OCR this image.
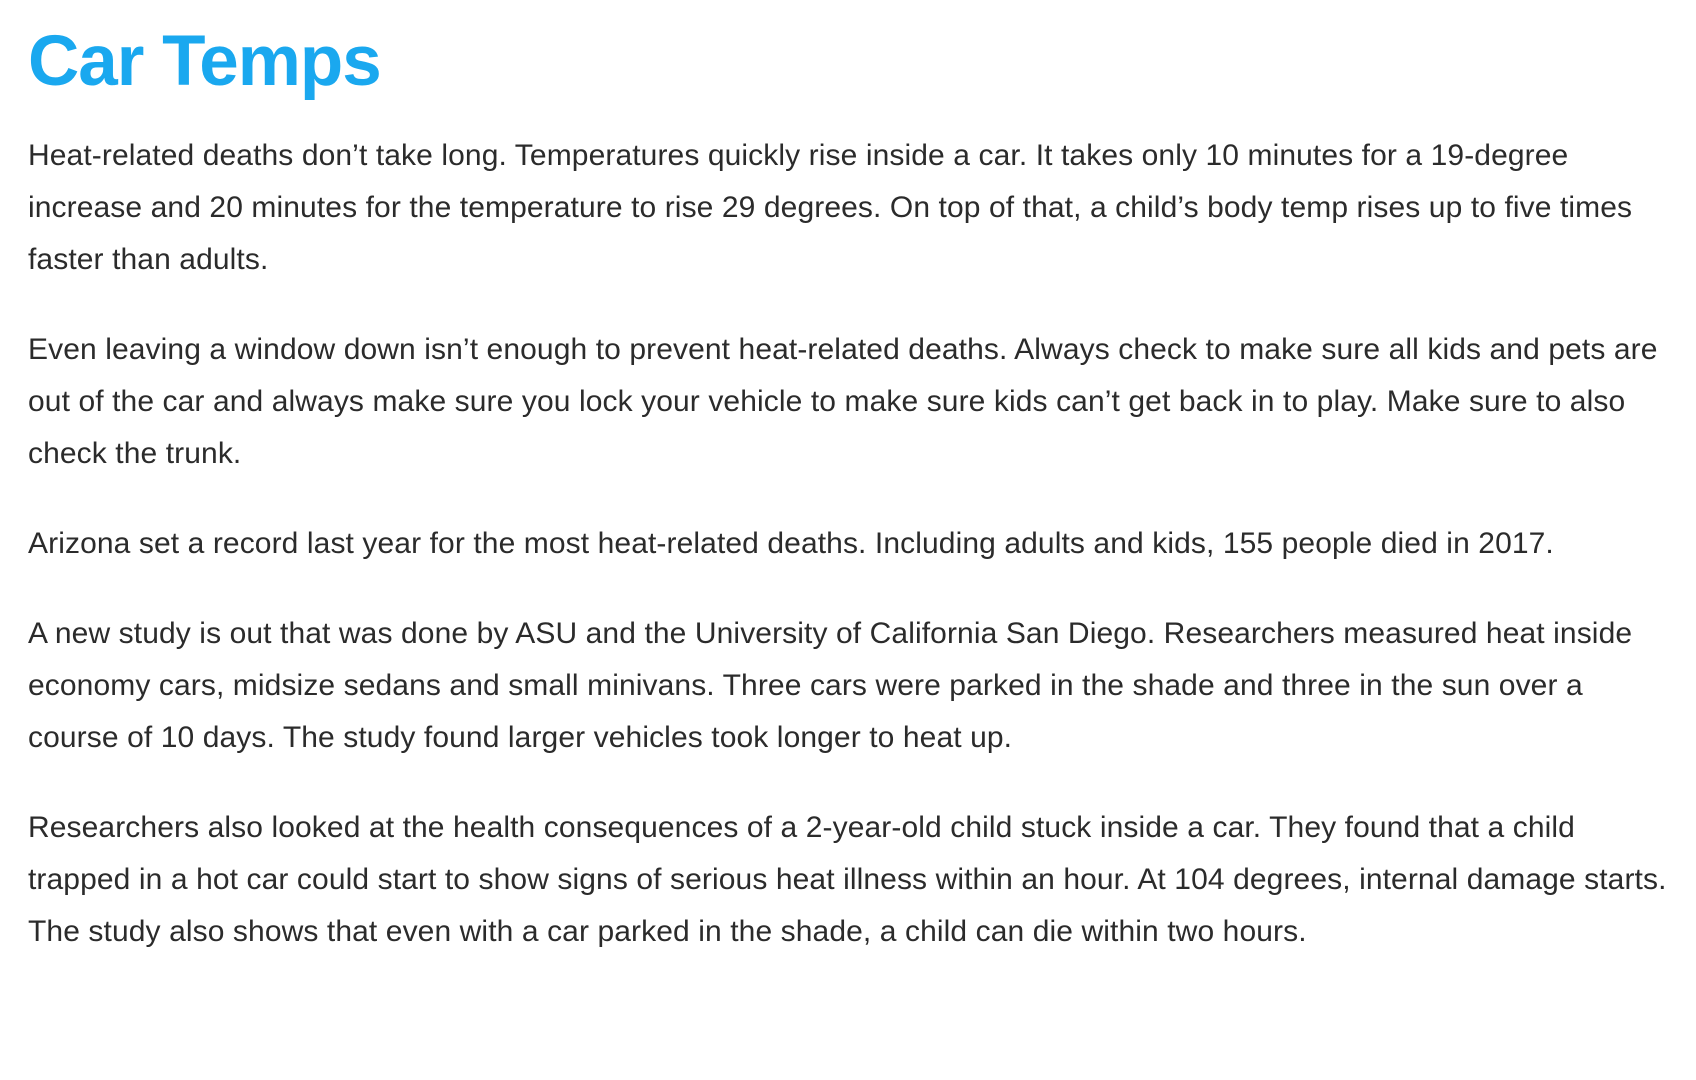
Car Temps

Heat-related deaths don’t take long. Temperatures quickly rise inside a car. It takes only 10 minutes for a 19-degree increase and 20 minutes for the temperature to rise 29 degrees. On top of that, a child’s body temp rises up to five times faster than adults.

Even leaving a window down isn’t enough to prevent heat-related deaths. Always check to make sure all kids and pets are out of the car and always make sure you lock your vehicle to make sure kids can’t get back in to play. Make sure to also check the trunk.

Arizona set a record last year for the most heat-related deaths. Including adults and kids, 155 people died in 2017.

A new study is out that was done by ASU and the University of California San Diego. Researchers measured heat inside economy cars, midsize sedans and small minivans. Three cars were parked in the shade and three in the sun over a course of 10 days. The study found larger vehicles took longer to heat up.

Researchers also looked at the health consequences of a 2-year-old child stuck inside a car. They found that a child trapped in a hot car could start to show signs of serious heat illness within an hour. At 104 degrees, internal damage starts. The study also shows that even with a car parked in the shade, a child can die within two hours.
